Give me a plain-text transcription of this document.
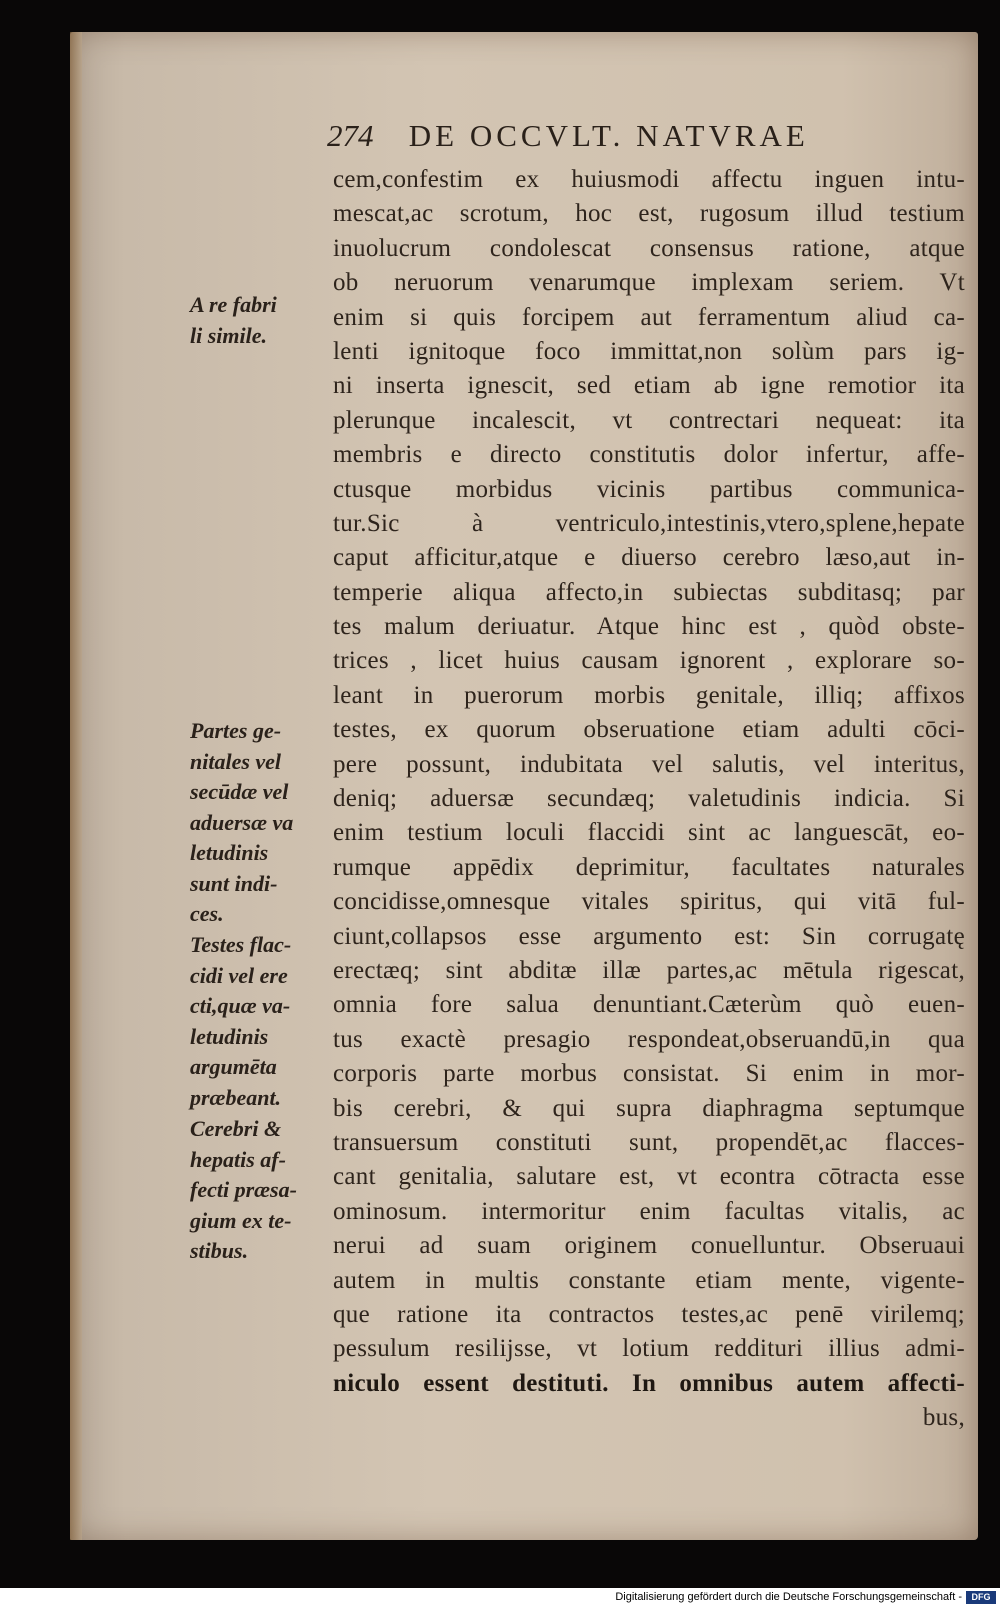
274 DE OCCVLT. NATVRAE
cem,confestim ex huiusmodi affectu inguen intu-
mescat,ac scrotum, hoc est, rugosum illud testium
inuolucrum condolescat consensus ratione, atque
ob neruorum venarumque implexam seriem. Vt
enim si quis forcipem aut ferramentum aliud ca-
lenti ignitoque foco immittat,non solùm pars ig-
ni inserta ignescit, sed etiam ab igne remotior ita
plerunque incalescit, vt contrectari nequeat: ita
membris e directo constitutis dolor infertur, affe-
ctusque morbidus vicinis partibus communica-
tur.Sic à ventriculo,intestinis,vtero,splene,hepate
caput afficitur,atque e diuerso cerebro læso,aut in-
temperie aliqua affecto,in subiectas subditasq; par
tes malum deriuatur. Atque hinc est , quòd obste-
trices , licet huius causam ignorent , explorare so-
leant in puerorum morbis genitale, illiq; affixos
testes, ex quorum obseruatione etiam adulti cōci-
pere possunt, indubitata vel salutis, vel interitus,
deniq; aduersæ secundæq; valetudinis indicia. Si
enim testium loculi flaccidi sint ac languescāt, eo-
rumque appēdix deprimitur, facultates naturales
concidisse,omnesque vitales spiritus, qui vitā ful-
ciunt,collapsos esse argumento est: Sin corrugatę
erectæq; sint abditæ illæ partes,ac mētula rigescat,
omnia fore salua denuntiant.Cæterùm quò euen-
tus exactè presagio respondeat,obseruandū,in qua
corporis parte morbus consistat. Si enim in mor-
bis cerebri, & qui supra diaphragma septumque
transuersum constituti sunt, propendēt,ac flacces-
cant genitalia, salutare est, vt econtra cōtracta esse
ominosum. intermoritur enim facultas vitalis, ac
nerui ad suam originem conuelluntur. Obseruaui
autem in multis constante etiam mente, vigente-
que ratione ita contractos testes,ac penē virilemq;
pessulum resilijsse, vt lotium reddituri illius admi-
niculo essent destituti. In omnibus autem affecti-
bus,
A re fabri
li simile.
Partes ge-
nitales vel
secūdæ vel
aduersæ va
letudinis
sunt indi-
ces.
Testes flac-
cidi vel ere
cti,quæ va-
letudinis
argumēta
præbeant.
Cerebri &
hepatis af-
fecti præsa-
gium ex te-
stibus.
Digitalisierung gefördert durch die Deutsche Forschungsgemeinschaft -	DFG
